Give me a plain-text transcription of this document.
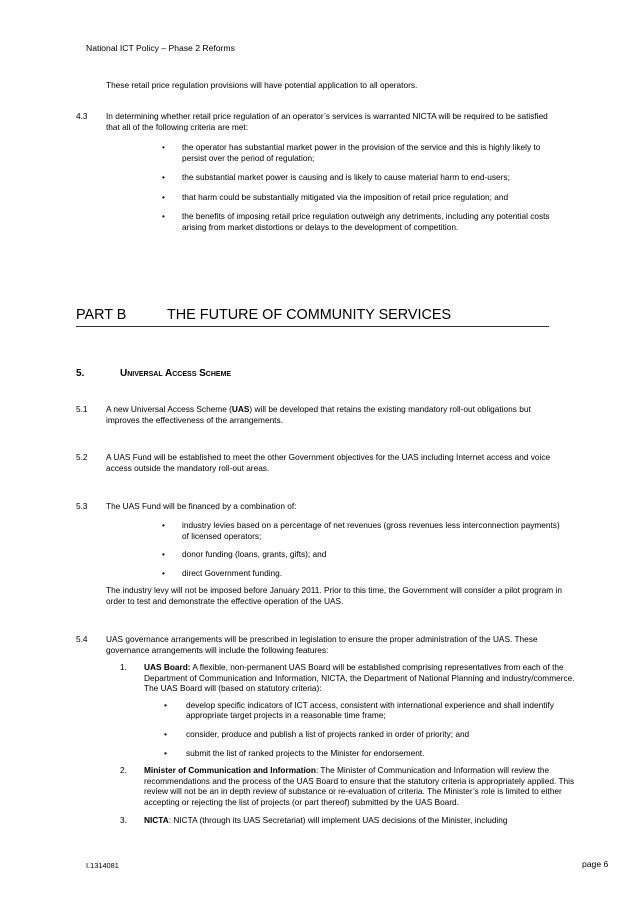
National ICT Policy – Phase 2 Reforms
These retail price regulation provisions will have potential application to all operators.
4.3 In determining whether retail price regulation of an operator’s services is warranted NICTA will be required to be satisfied that all of the following criteria are met:
• the operator has substantial market power in the provision of the service and this is highly likely to persist over the period of regulation;
• the substantial market power is causing and is likely to cause material harm to end-users;
• that harm could be substantially mitigated via the imposition of retail price regulation; and
• the benefits of imposing retail price regulation outweigh any detriments, including any potential costs arising from market distortions or delays to the development of competition.
PART B	THE FUTURE OF COMMUNITY SERVICES
5.	Universal Access Scheme
5.1 A new Universal Access Scheme (UAS) will be developed that retains the existing mandatory roll-out obligations but improves the effectiveness of the arrangements.
5.2 A UAS Fund will be established to meet the other Government objectives for the UAS including Internet access and voice access outside the mandatory roll-out areas.
5.3 The UAS Fund will be financed by a combination of:
• industry levies based on a percentage of net revenues (gross revenues less interconnection payments) of licensed operators;
• donor funding (loans, grants, gifts); and
• direct Government funding.
The industry levy will not be imposed before January 2011. Prior to this time, the Government will consider a pilot program in order to test and demonstrate the effective operation of the UAS.
5.4 UAS governance arrangements will be prescribed in legislation to ensure the proper administration of the UAS. These governance arrangements will include the following features:
1. UAS Board: A flexible, non-permanent UAS Board will be established comprising representatives from each of the Department of Communication and Information, NICTA, the Department of National Planning and industry/commerce. The UAS Board will (based on statutory criteria):
• develop specific indicators of ICT access, consistent with international experience and shall indentify appropriate target projects in a reasonable time frame;
• consider, produce and publish a list of projects ranked in order of priority; and
• submit the list of ranked projects to the Minister for endorsement.
2. Minister of Communication and Information: The Minister of Communication and Information will review the recommendations and the process of the UAS Board to ensure that the statutory criteria is appropriately applied. This review will not be an in depth review of substance or re-evaluation of criteria. The Minister’s role is limited to either accepting or rejecting the list of projects (or part thereof) submitted by the UAS Board.
3. NICTA: NICTA (through its UAS Secretariat) will implement UAS decisions of the Minister, including
I.1314081	page 6
